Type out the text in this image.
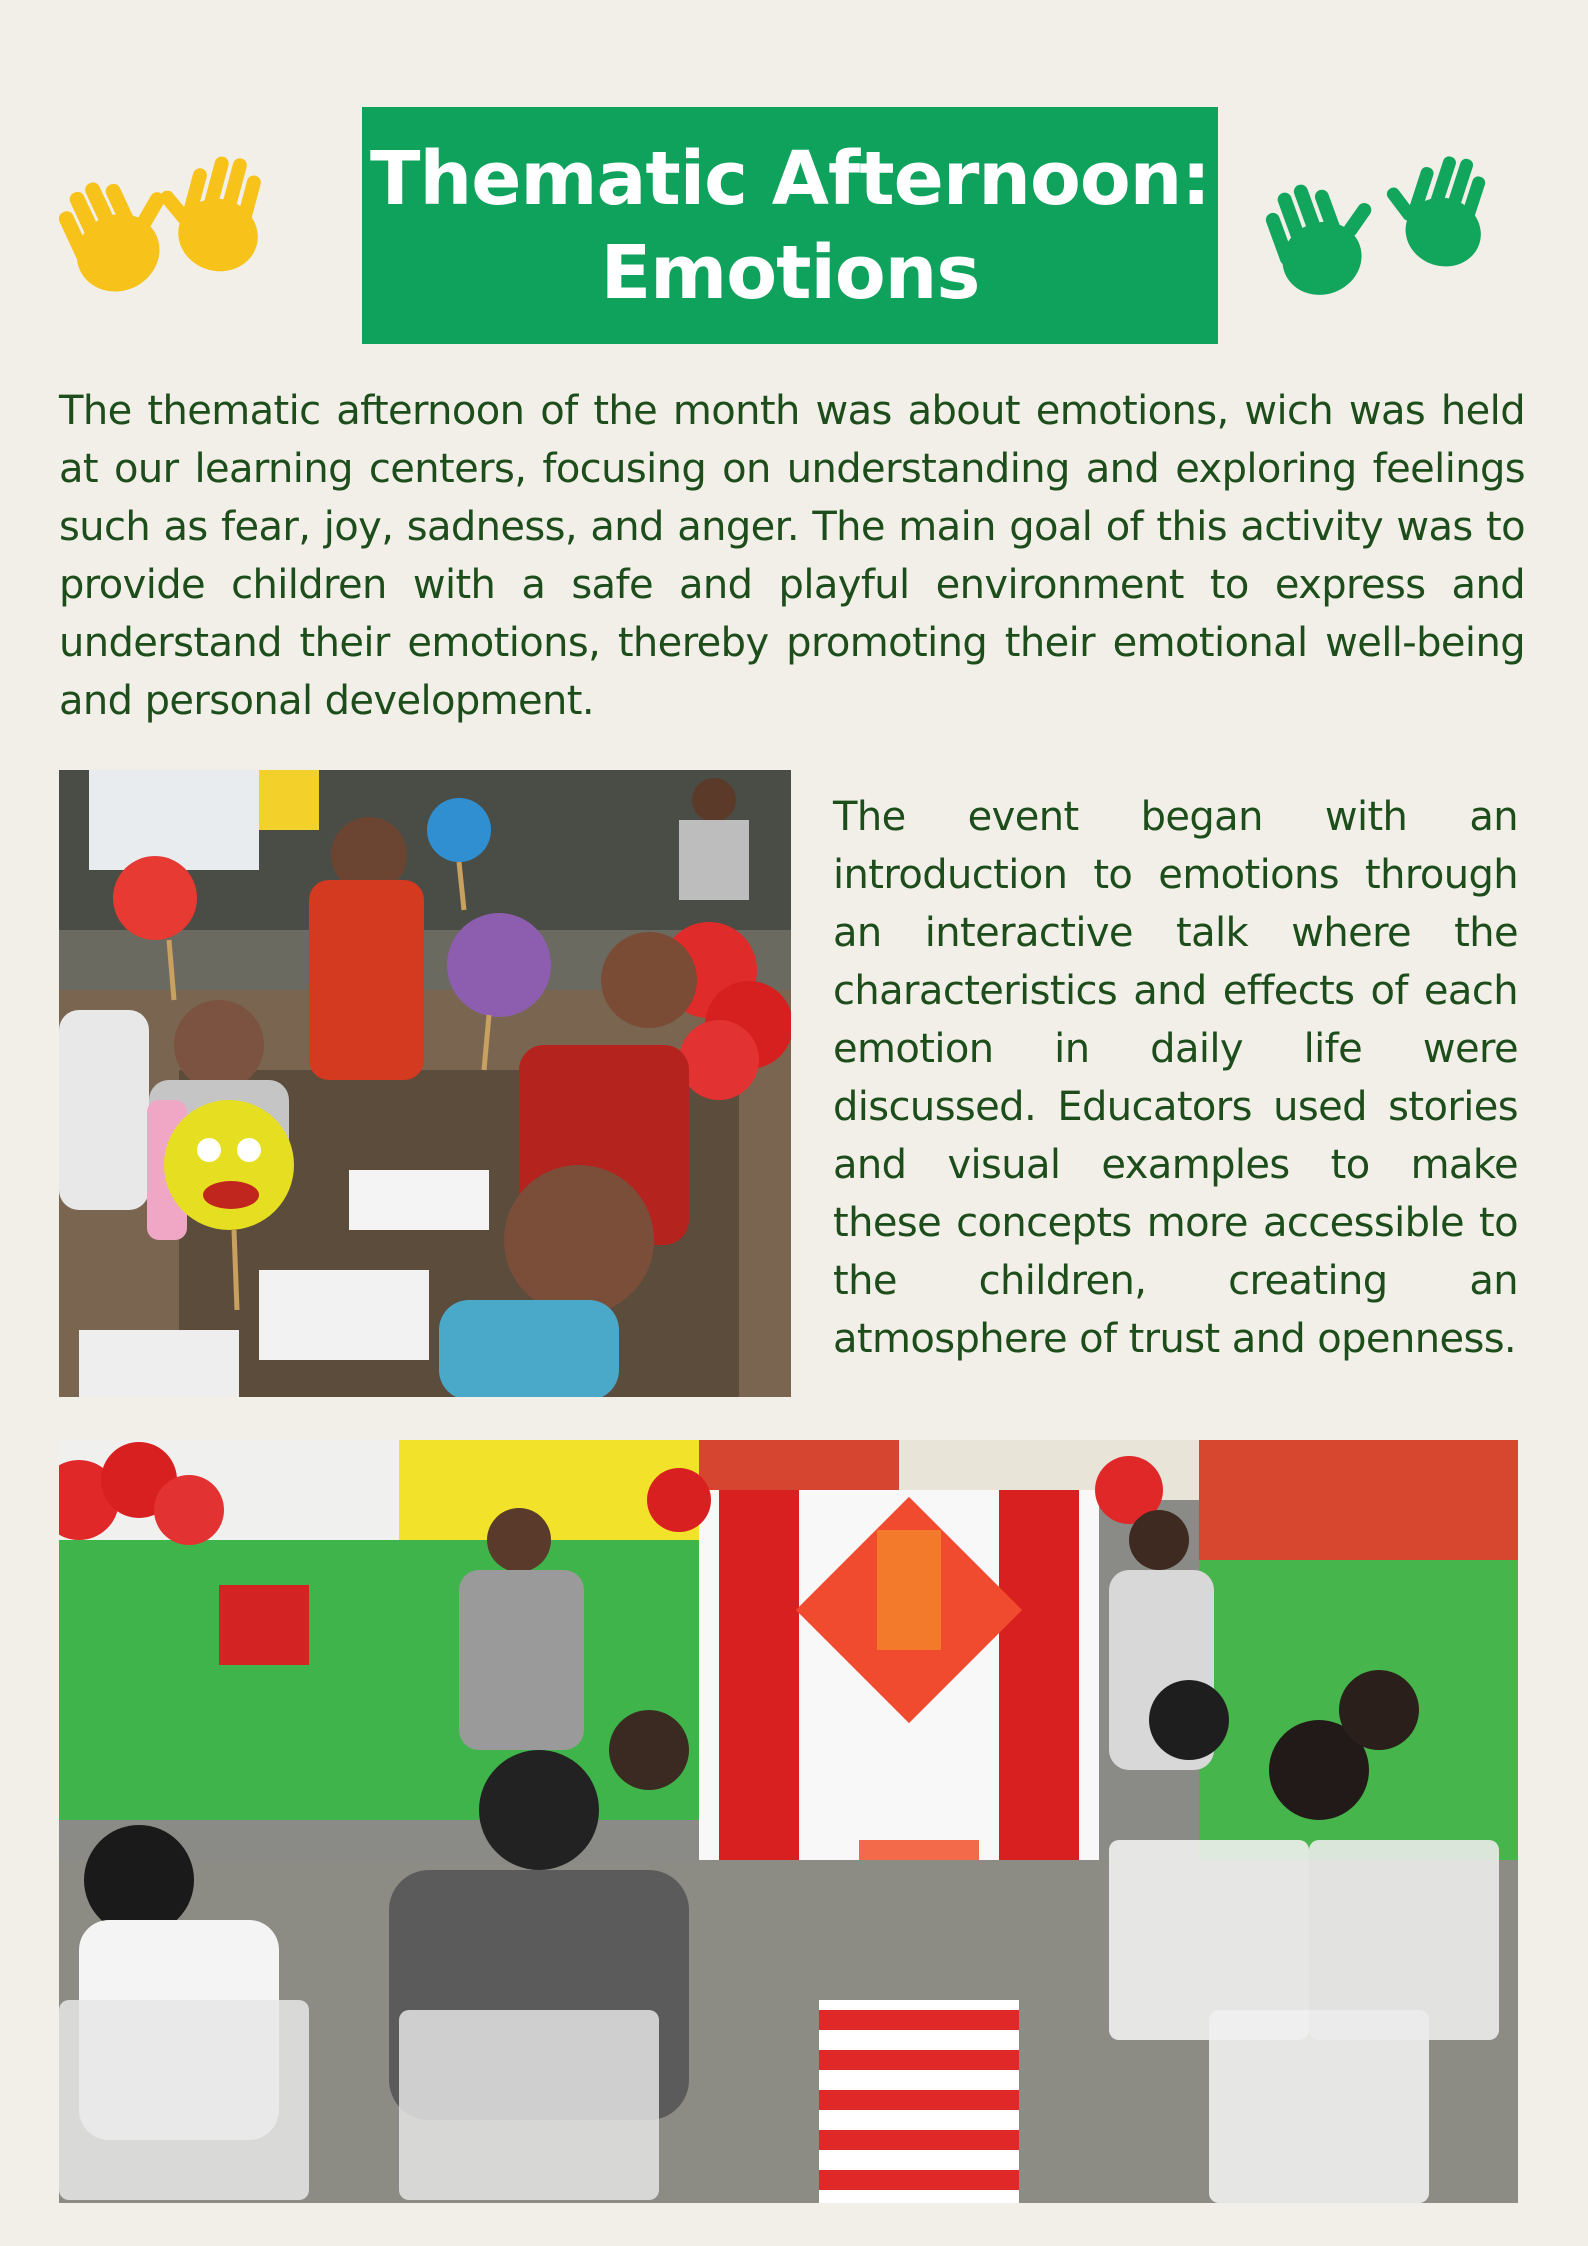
Thematic Afternoon:
Emotions
The thematic afternoon of the month was about emotions, wich was held at our learning centers, focusing on understanding and exploring feelings such as fear, joy, sadness, and anger. The main goal of this activity was to provide children with a safe and playful environment to express and understand their emotions, thereby promoting their emotional well-being and personal development.
The event began with an introduction to emotions through an interactive talk where the characteristics and effects of each emotion in daily life were discussed. Educators used stories and visual examples to make these concepts more accessible to the children, creating an atmosphere of trust and openness.
